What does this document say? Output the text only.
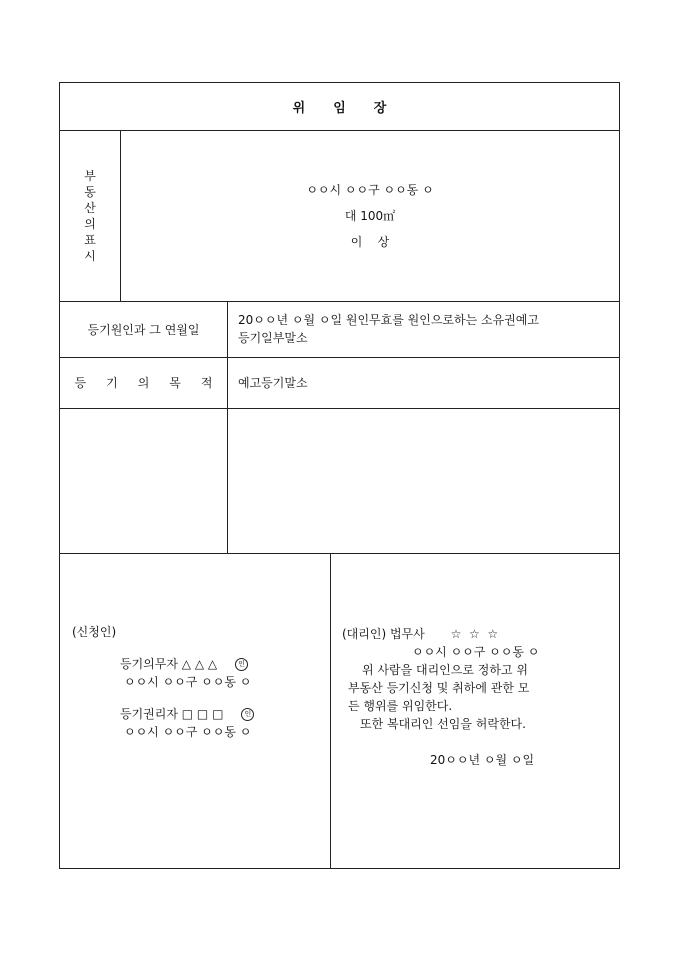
위 임 장
부
동
산
의
표
시
ㅇㅇ시 ㅇㅇ구 ㅇㅇ동 ㅇ
대 100㎡
이    상
등기원인과 그 연월일
20ㅇㅇ년 ㅇ월 ㅇ일 원인무효를 원인으로하는 소유권예고
등기일부말소
등 기 의 목 적 예고등기말소
(신청인)
등기의무자 △ △ △	인
ㅇㅇ시 ㅇㅇ구 ㅇㅇ동 ㅇ
등기권리자 □ □ □	인
ㅇㅇ시 ㅇㅇ구 ㅇㅇ동 ㅇ
(대리인) 법무사 ☆  ☆  ☆
ㅇㅇ시 ㅇㅇ구 ㅇㅇ동 ㅇ
위 사람을 대리인으로 정하고 위
부동산 등기신청 및 취하에 관한 모
든 행위를 위임한다.
또한 복대리인 선임을 허락한다.
20ㅇㅇ년 ㅇ월 ㅇ일
